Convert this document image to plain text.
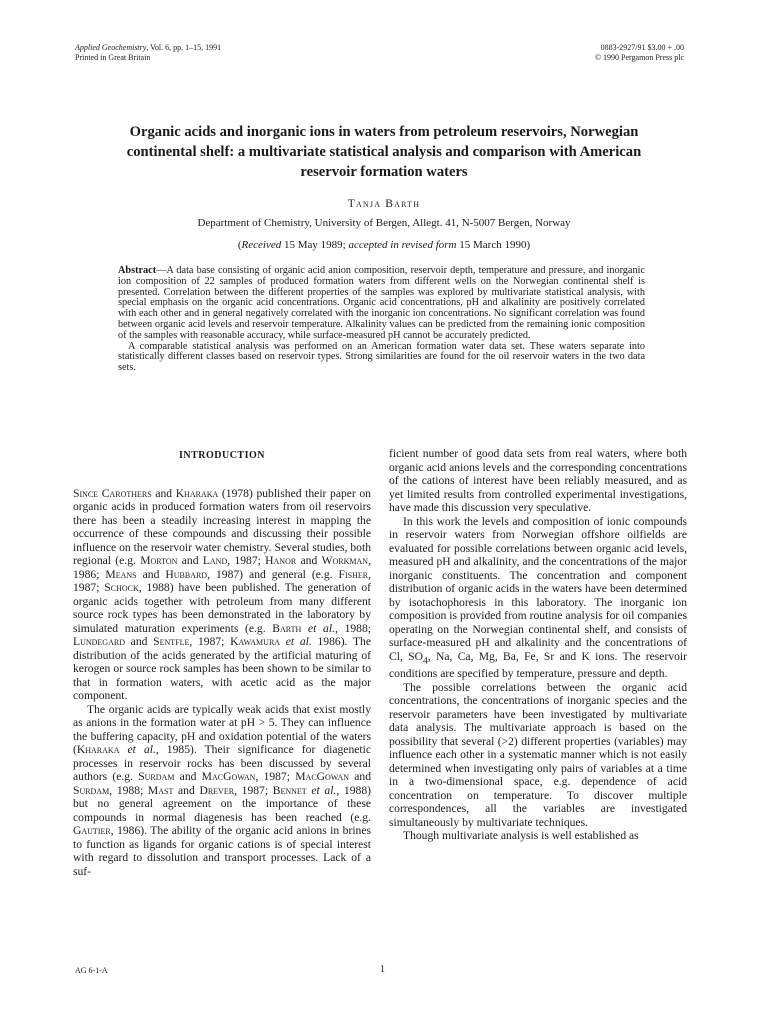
Applied Geochemistry, Vol. 6, pp. 1–15, 1991
Printed in Great Britain
0883-2927/91 $3.00 + .00
© 1990 Pergamon Press plc
Organic acids and inorganic ions in waters from petroleum reservoirs, Norwegian continental shelf: a multivariate statistical analysis and comparison with American reservoir formation waters
Tanja Barth
Department of Chemistry, University of Bergen, Allegt. 41, N-5007 Bergen, Norway
(Received 15 May 1989; accepted in revised form 15 March 1990)

Abstract—A data base consisting of organic acid anion composition, reservoir depth, temperature and pressure, and inorganic ion composition of 22 samples of produced formation waters from different wells on the Norwegian continental shelf is presented. Correlation between the different properties of the samples was explored by multivariate statistical analysis, with special emphasis on the organic acid concentrations. Organic acid concentrations, pH and alkalinity are positively correlated with each other and in general negatively correlated with the inorganic ion concentrations. No significant correlation was found between organic acid levels and reservoir temperature. Alkalinity values can be predicted from the remaining ionic composition of the samples with reasonable accuracy, while surface-measured pH cannot be accurately predicted.

A comparable statistical analysis was performed on an American formation water data set. These waters separate into statistically different classes based on reservoir types. Strong similarities are found for the oil reservoir waters in the two data sets.

INTRODUCTION

Since Carothers and Kharaka (1978) published their paper on organic acids in produced formation waters from oil reservoirs there has been a steadily increasing interest in mapping the occurrence of these compounds and discussing their possible influence on the reservoir water chemistry. Several studies, both regional (e.g. Morton and Land, 1987; Hanor and Workman, 1986; Means and Hubbard, 1987) and general (e.g. Fisher, 1987; Schock, 1988) have been published. The generation of organic acids together with petroleum from many different source rock types has been demonstrated in the laboratory by simulated maturation experiments (e.g. Barth et al., 1988; Lundegard and Sentfle, 1987; Kawamura et al. 1986). The distribution of the acids generated by the artificial maturing of kerogen or source rock samples has been shown to be similar to that in formation waters, with acetic acid as the major component.

The organic acids are typically weak acids that exist mostly as anions in the formation water at pH > 5. They can influence the buffering capacity, pH and oxidation potential of the waters (Kharaka et al., 1985). Their significance for diagenetic processes in reservoir rocks has been discussed by several authors (e.g. Surdam and MacGowan, 1987; MacGowan and Surdam, 1988; Mast and Drever, 1987; Bennet et al., 1988) but no general agreement on the importance of these compounds in normal diagenesis has been reached (e.g. Gautier, 1986). The ability of the organic acid anions in brines to function as ligands for organic cations is of special interest with regard to dissolution and transport processes. Lack of a suf-

ficient number of good data sets from real waters, where both organic acid anions levels and the corresponding concentrations of the cations of interest have been reliably measured, and as yet limited results from controlled experimental investigations, have made this discussion very speculative.

In this work the levels and composition of ionic compounds in reservoir waters from Norwegian offshore oilfields are evaluated for possible correlations between organic acid levels, measured pH and alkalinity, and the concentrations of the major inorganic constituents. The concentration and component distribution of organic acids in the waters have been determined by isotachophoresis in this laboratory. The inorganic ion composition is provided from routine analysis for oil companies operating on the Norwegian continental shelf, and consists of surface-measured pH and alkalinity and the concentrations of Cl, $SO_4$, Na, Ca, Mg, Ba, Fe, Sr and K ions. The reservoir conditions are specified by temperature, pressure and depth.

The possible correlations between the organic acid concentrations, the concentrations of inorganic species and the reservoir parameters have been investigated by multivariate data analysis. The multivariate approach is based on the possibility that several (>2) different properties (variables) may influence each other in a systematic manner which is not easily determined when investigating only pairs of variables at a time in a two-dimensional space, e.g. dependence of acid concentration on temperature. To discover multiple correspondences, all the variables are investigated simultaneously by multivariate techniques.

Though multivariate analysis is well established as

AG 6-1-A	1
